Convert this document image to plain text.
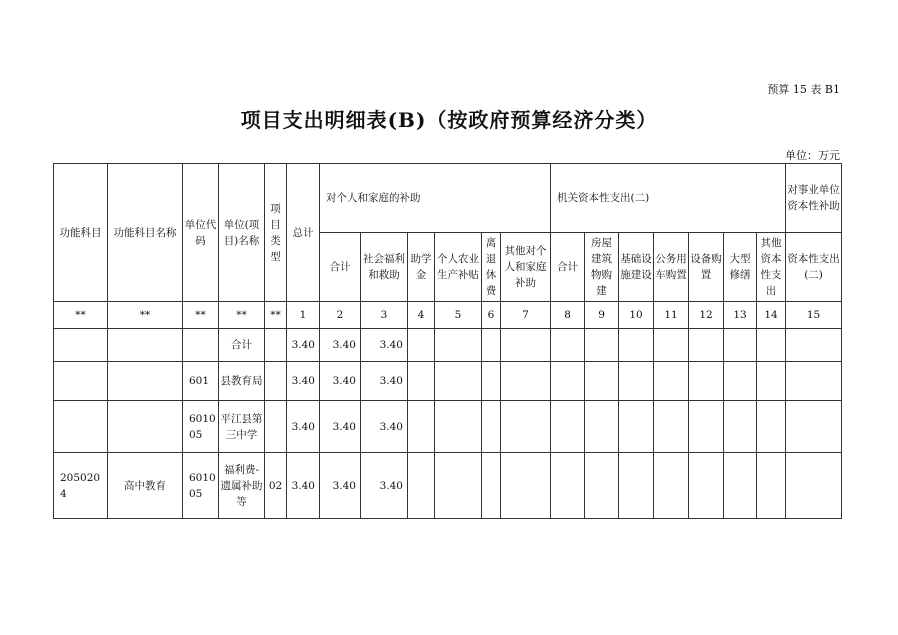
预算 15 表 B1
项目支出明细表(B)（按政府预算经济分类）
单位：万元
功能科目	功能科目名称	单位代码	单位(项目)名称	项目类型	总计	对个人和家庭的补助						机关资本性支出(二)							对事业单位资本性补助
						合计	社会福利和救助	助学金	个人农业生产补贴	离退休费	其他对个人和家庭补助	合计	房屋建筑物购建	基础设施建设	公务用车购置	设备购置	大型修缮	其他资本性支出	资本性支出(二)
**	**	**	**	**	1	2	3	4	5	6	7	8	9	10	11	12	13	14	15
			合计		3.40	3.40	3.40												
		601	县教育局		3.40	3.40	3.40												
		601005	平江县第三中学		3.40	3.40	3.40												
2050204	高中教育	601005	福利费-遗属补助等	02	3.40	3.40	3.40												
